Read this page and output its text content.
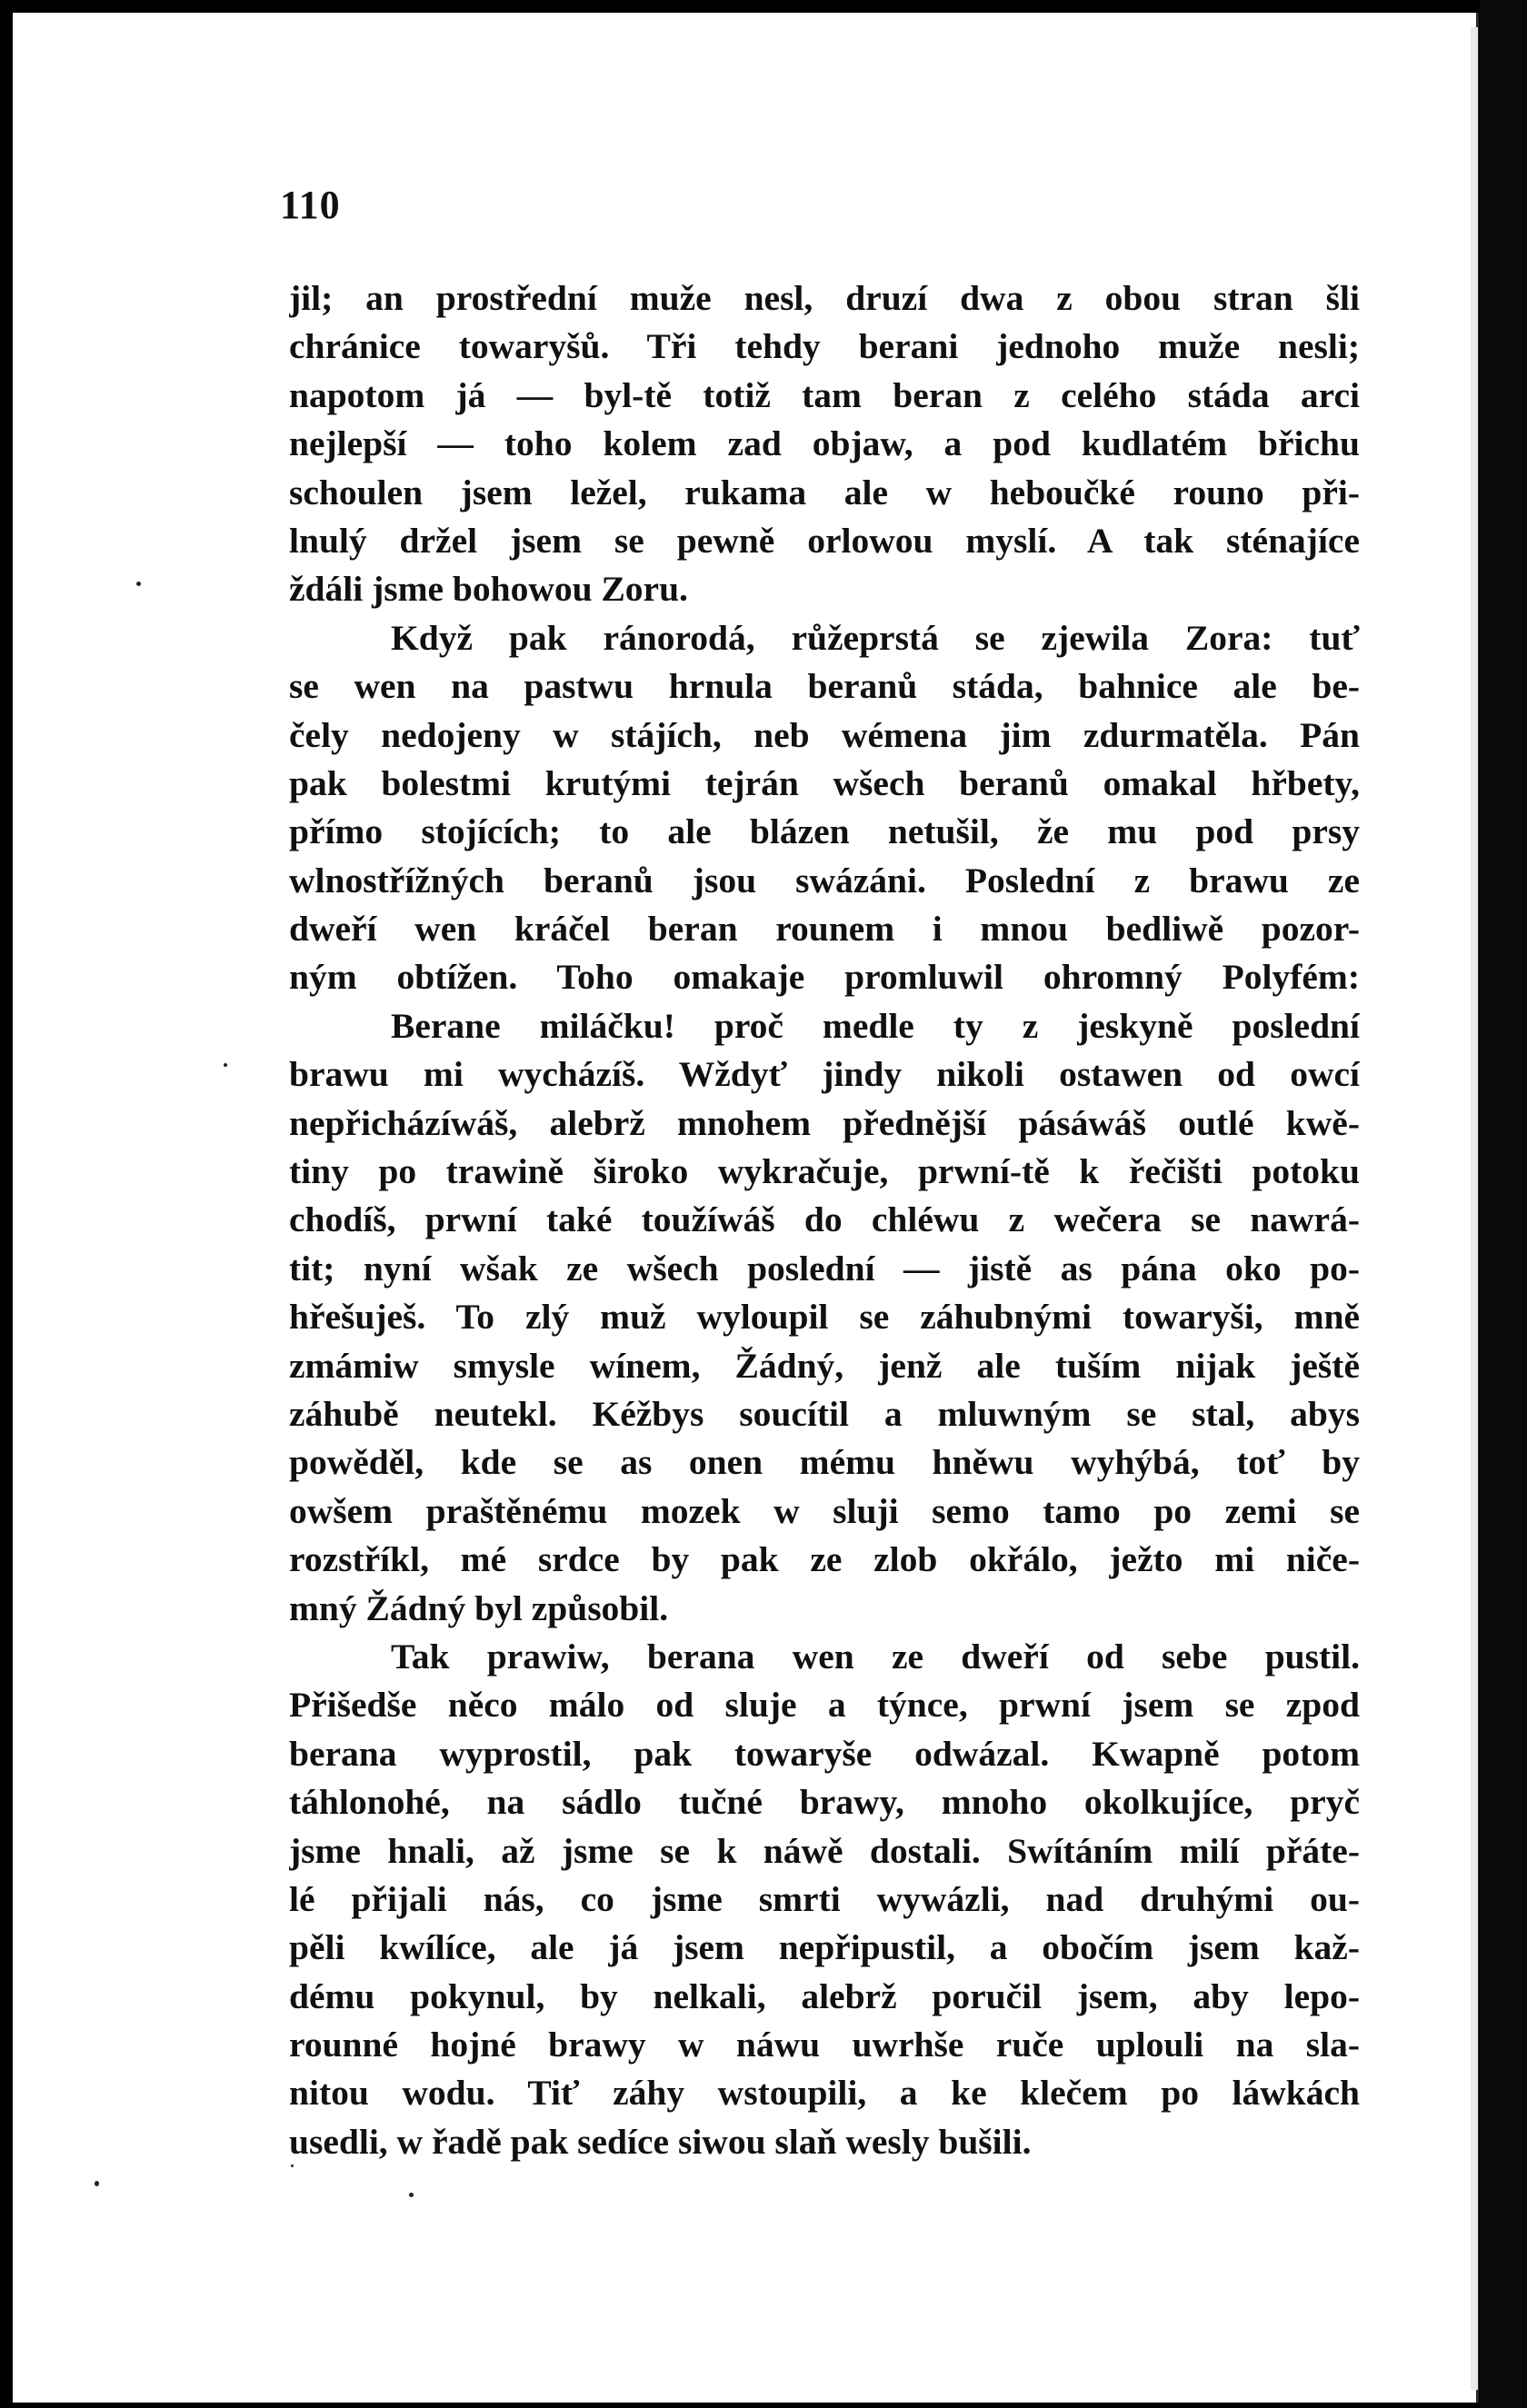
110
jil; an prostřední muže nesl, druzí dwa z obou stran šli
chránice towaryšů. Tři tehdy berani jednoho muže nesli;
napotom já — byl-tě totiž tam beran z celého stáda arci
nejlepší — toho kolem zad objaw, a pod kudlatém břichu
schoulen jsem ležel, rukama ale w heboučké rouno při-
lnulý držel jsem se pewně orlowou myslí. A tak sténajíce
ždáli jsme bohowou Zoru.
Když pak ránorodá, růžeprstá se zjewila Zora: tuť
se wen na pastwu hrnula beranů stáda, bahnice ale be-
čely nedojeny w stájích, neb wémena jim zdurmatěla. Pán
pak bolestmi krutými tejrán wšech beranů omakal hřbety,
přímo stojících; to ale blázen netušil, že mu pod prsy
wlnostřížných beranů jsou swázáni. Poslední z brawu ze
dweří wen kráčel beran rounem i mnou bedliwě pozor-
ným obtížen. Toho omakaje promluwil ohromný Polyfém:
Berane miláčku! proč medle ty z jeskyně poslední
brawu mi wycházíš. Wždyť jindy nikoli ostawen od owcí
nepřicházíwáš, alebrž mnohem přednější pásáwáš outlé kwě-
tiny po trawině široko wykračuje, prwní-tě k řečišti potoku
chodíš, prwní také toužíwáš do chléwu z wečera se nawrá-
tit; nyní wšak ze wšech poslední — jistě as pána oko po-
hřešuješ. To zlý muž wyloupil se záhubnými towaryši, mně
zmámiw smysle wínem, Žádný, jenž ale tuším nijak ještě
záhubě neutekl. Kéžbys soucítil a mluwným se stal, abys
powěděl, kde se as onen mému hněwu wyhýbá, toť by
owšem praštěnému mozek w sluji semo tamo po zemi se
rozstříkl, mé srdce by pak ze zlob okřálo, ježto mi niče-
mný Žádný byl způsobil.
Tak prawiw, berana wen ze dweří od sebe pustil.
Přišedše něco málo od sluje a týnce, prwní jsem se zpod
berana wyprostil, pak towaryše odwázal. Kwapně potom
táhlonohé, na sádlo tučné brawy, mnoho okolkujíce, pryč
jsme hnali, až jsme se k náwě dostali. Swítáním milí přáte-
lé přijali nás, co jsme smrti wywázli, nad druhými ou-
pěli kwílíce, ale já jsem nepřipustil, a obočím jsem kaž-
dému pokynul, by nelkali, alebrž poručil jsem, aby lepo-
rounné hojné brawy w náwu uwrhše ruče uplouli na sla-
nitou wodu. Tiť záhy wstoupili, a ke klečem po láwkách
usedli, w řadě pak sedíce siwou slaň wesly bušili.
